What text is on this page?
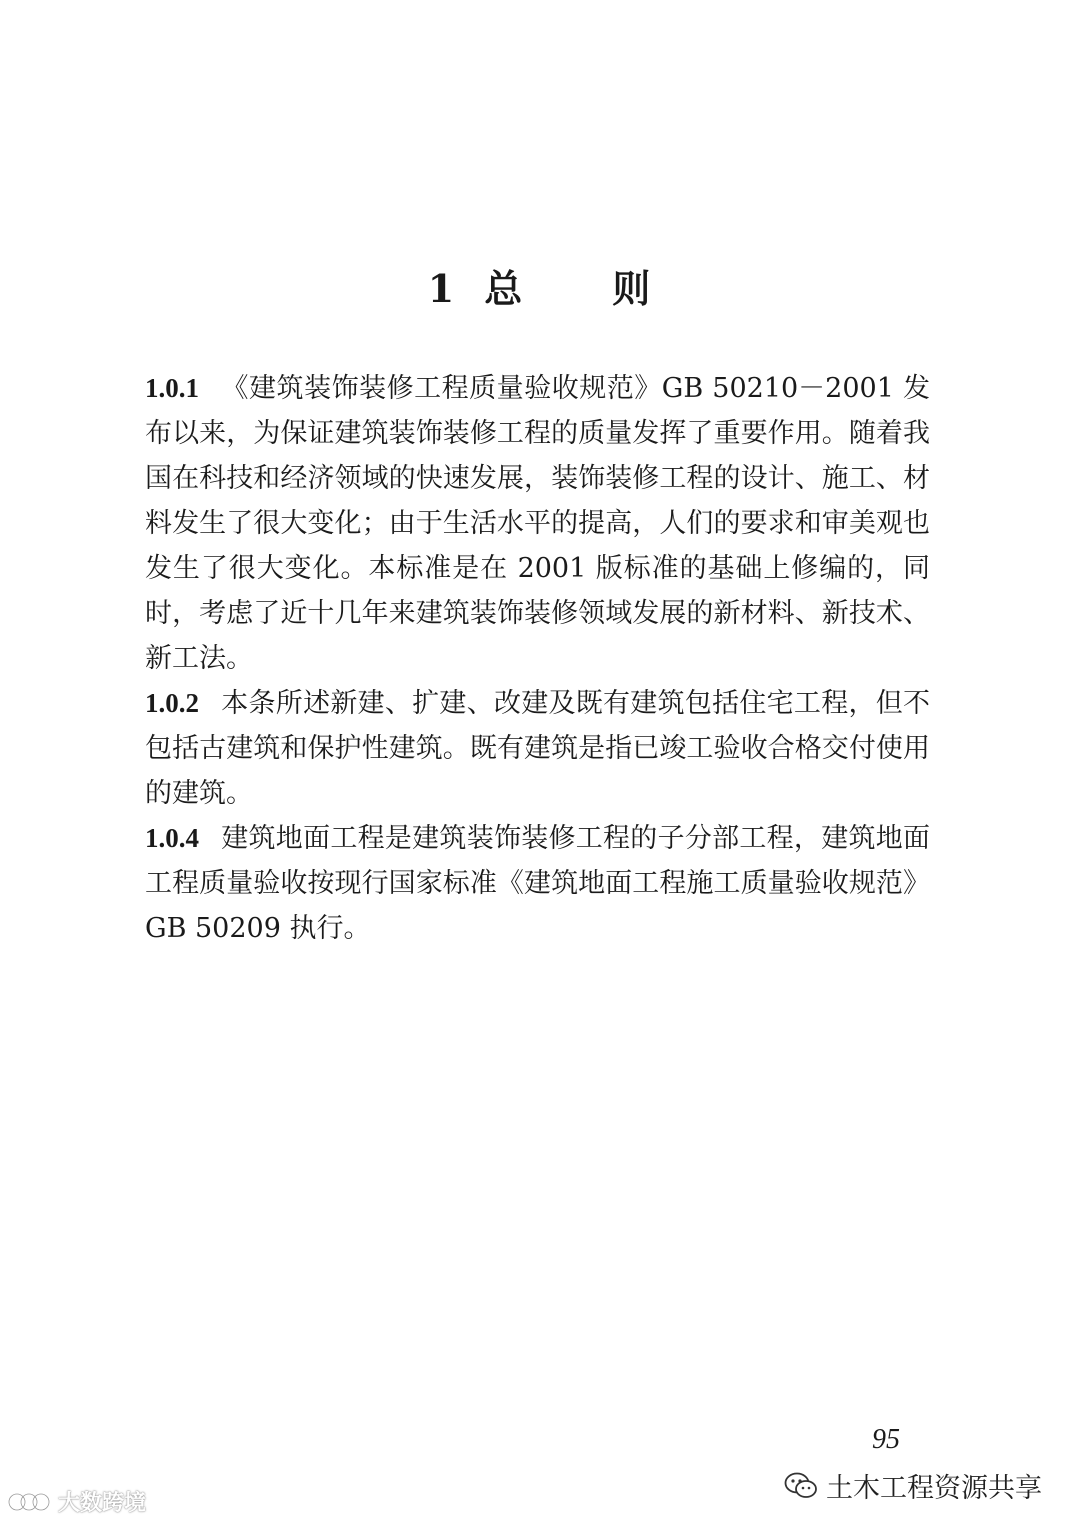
1 总 则

1.0.1 《建筑装饰装修工程质量验收规范》GB 50210－2001 发布以来，为保证建筑装饰装修工程的质量发挥了重要作用。随着我国在科技和经济领域的快速发展，装饰装修工程的设计、施工、材料发生了很大变化；由于生活水平的提高，人们的要求和审美观也发生了很大变化。本标准是在 2001 版标准的基础上修编的，同时，考虑了近十几年来建筑装饰装修领域发展的新材料、新技术、新工法。

1.0.2 本条所述新建、扩建、改建及既有建筑包括住宅工程，但不包括古建筑和保护性建筑。既有建筑是指已竣工验收合格交付使用的建筑。

1.0.4 建筑地面工程是建筑装饰装修工程的子分部工程，建筑地面工程质量验收按现行国家标准《建筑地面工程施工质量验收规范》GB 50209 执行。

95
土木工程资源共享
大数跨境
